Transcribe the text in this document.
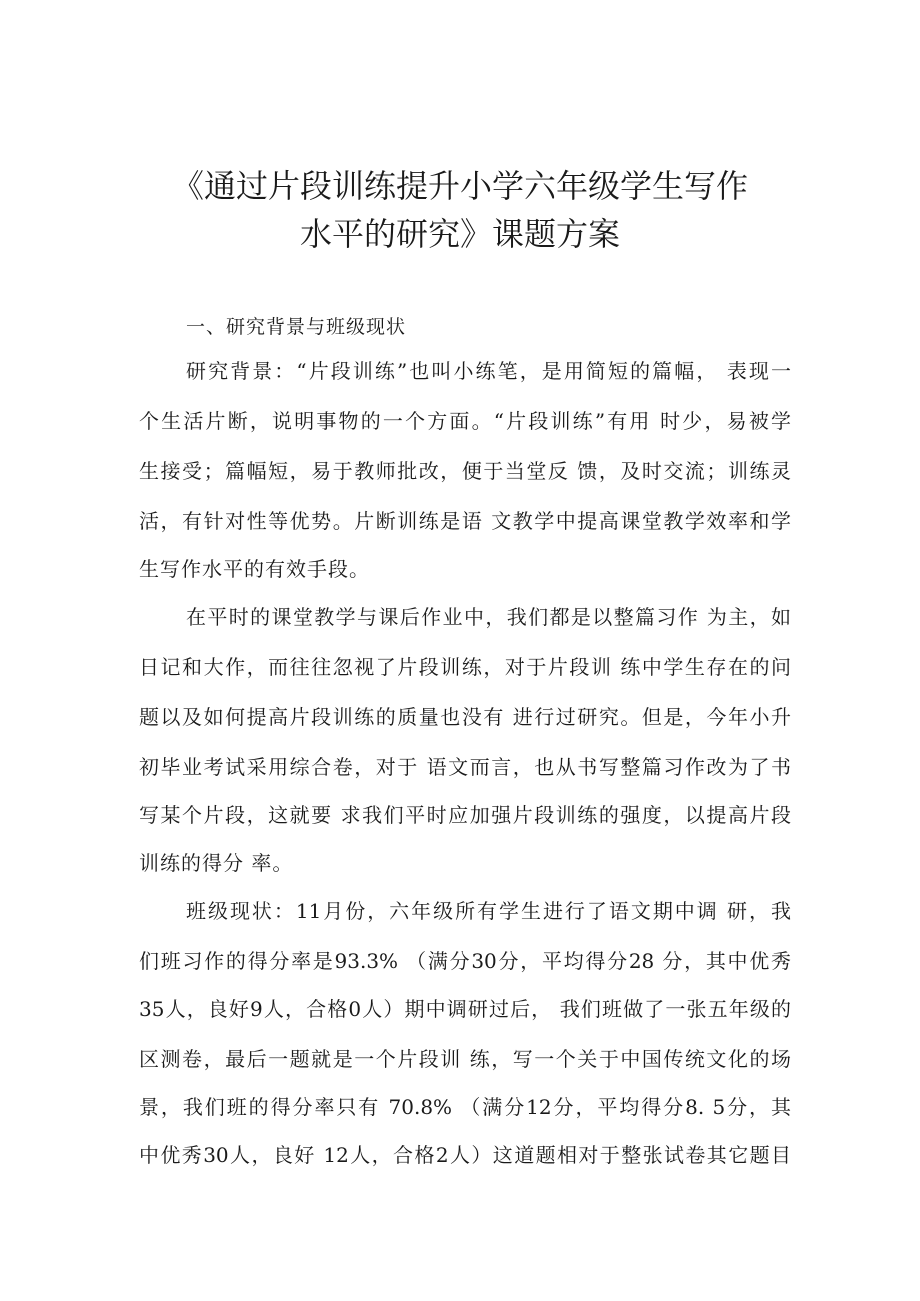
《通过片段训练提升小学六年级学生写作
水平的研究》课题方案
一、研究背景与班级现状
研究背景：“片段训练”也叫小练笔，是用简短的篇幅， 表现一
个生活片断，说明事物的一个方面。“片段训练”有用 时少，易被学
生接受；篇幅短，易于教师批改，便于当堂反 馈，及时交流；训练灵
活，有针对性等优势。片断训练是语 文教学中提高课堂教学效率和学
生写作水平的有效手段。
在平时的课堂教学与课后作业中，我们都是以整篇习作 为主，如
日记和大作，而往往忽视了片段训练，对于片段训 练中学生存在的问
题以及如何提高片段训练的质量也没有 进行过研究。但是，今年小升
初毕业考试采用综合卷，对于 语文而言，也从书写整篇习作改为了书
写某个片段，这就要 求我们平时应加强片段训练的强度，以提高片段
训练的得分 率。
班级现状：11月份，六年级所有学生进行了语文期中调 研，我
们班习作的得分率是93.3% （满分30分，平均得分28 分，其中优秀
35人，良好9人，合格0人）期中调研过后， 我们班做了一张五年级的
区测卷，最后一题就是一个片段训 练，写一个关于中国传统文化的场
景，我们班的得分率只有 70.8% （满分12分，平均得分8. 5分，其
中优秀30人，良好 12人，合格2人）这道题相对于整张试卷其它题目
